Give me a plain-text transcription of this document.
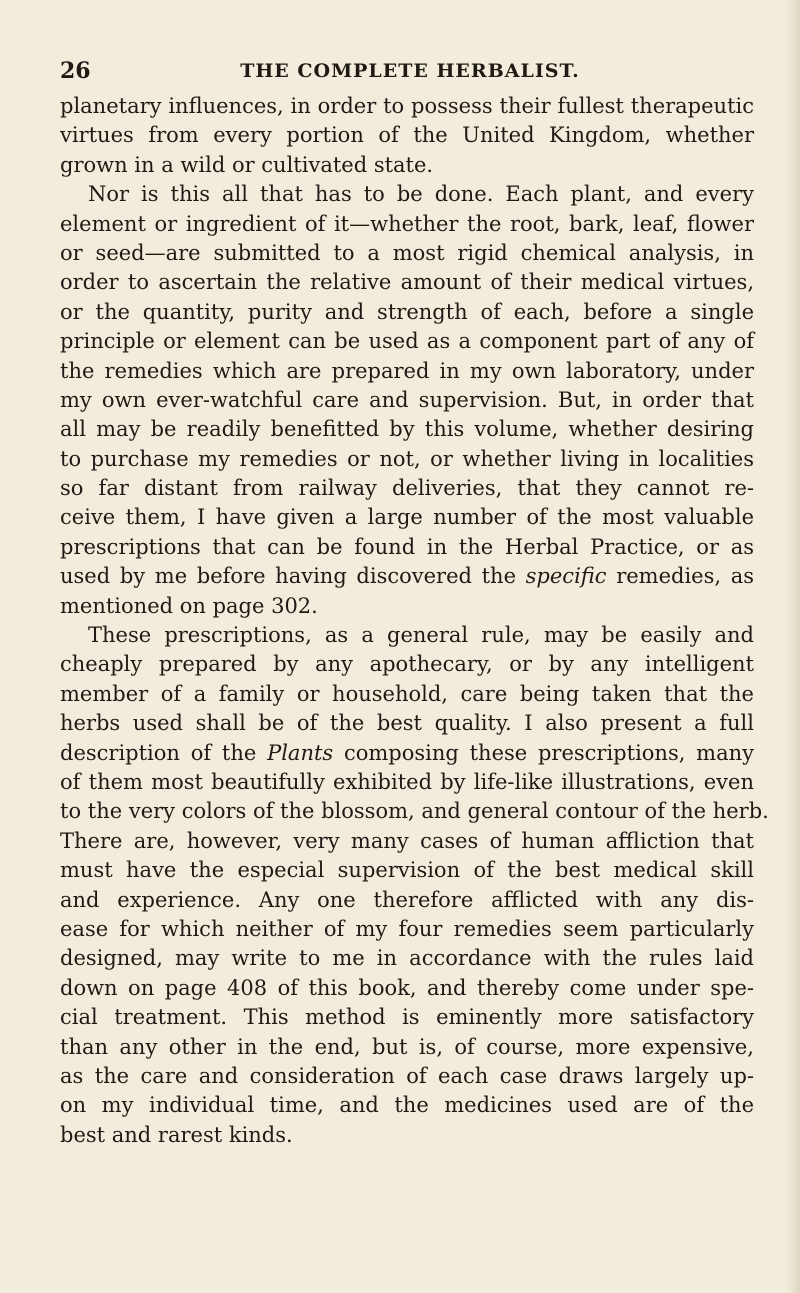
26	THE COMPLETE HERBALIST.
planetary influences, in order to possess their fullest therapeutic
virtues from every portion of the United Kingdom, whether
grown in a wild or cultivated state.
Nor is this all that has to be done. Each plant, and every
element or ingredient of it—whether the root, bark, leaf, flower
or seed—are submitted to a most rigid chemical analysis, in
order to ascertain the relative amount of their medical virtues,
or the quantity, purity and strength of each, before a single
principle or element can be used as a component part of any of
the remedies which are prepared in my own laboratory, under
my own ever-watchful care and supervision. But, in order that
all may be readily benefitted by this volume, whether desiring
to purchase my remedies or not, or whether living in localities
so far distant from railway deliveries, that they cannot re-
ceive them, I have given a large number of the most valuable
prescriptions that can be found in the Herbal Practice, or as
used by me before having discovered the specific remedies, as
mentioned on page 302.
These prescriptions, as a general rule, may be easily and
cheaply prepared by any apothecary, or by any intelligent
member of a family or household, care being taken that the
herbs used shall be of the best quality. I also present a full
description of the Plants composing these prescriptions, many
of them most beautifully exhibited by life-like illustrations, even
to the very colors of the blossom, and general contour of the herb.
There are, however, very many cases of human affliction that
must have the especial supervision of the best medical skill
and experience. Any one therefore afflicted with any dis-
ease for which neither of my four remedies seem particularly
designed, may write to me in accordance with the rules laid
down on page 408 of this book, and thereby come under spe-
cial treatment. This method is eminently more satisfactory
than any other in the end, but is, of course, more expensive,
as the care and consideration of each case draws largely up-
on my individual time, and the medicines used are of the
best and rarest kinds.
